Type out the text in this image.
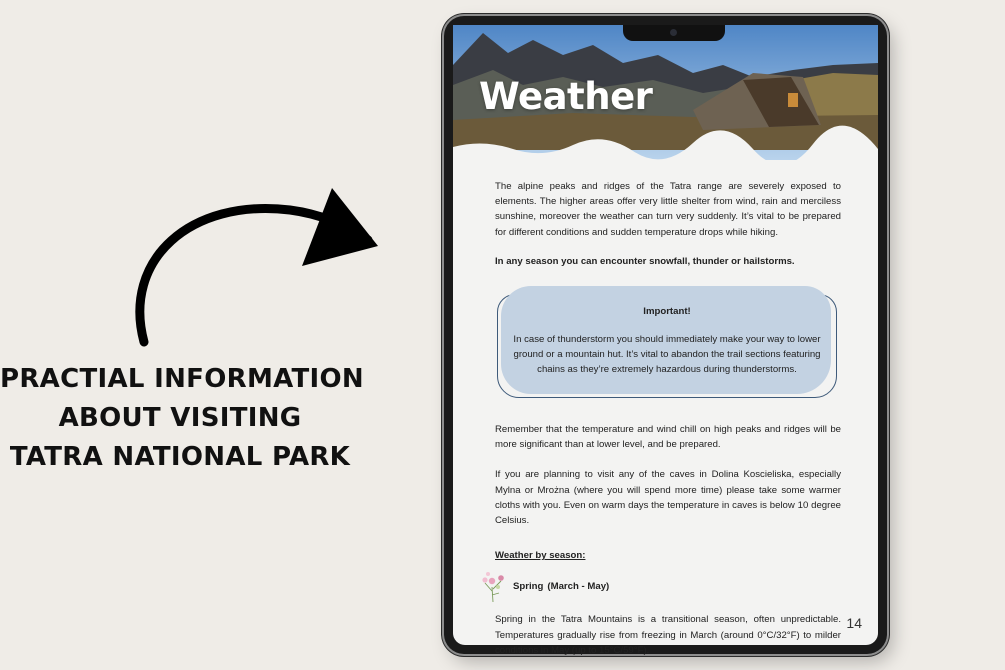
PRACTIAL INFORMATION
ABOUT VISITING
TATRA NATIONAL PARK
Weather

The alpine peaks and ridges of the Tatra range are severely exposed to elements. The higher areas offer very little shelter from wind, rain and merciless sunshine, moreover the weather can turn very suddenly. It’s vital to be prepared for different conditions and sudden temperature drops while hiking.

In any season you can encounter snowfall, thunder or hailstorms.

Important!
In case of thunderstorm you should immediately make your way to lower ground or a mountain hut. It’s vital to abandon the trail sections featuring chains as they’re extremely hazardous during thunderstorms.

Remember that the temperature and wind chill on high peaks and ridges will be more significant than at lower level, and be prepared.

If you are planning to visit any of the caves in Dolina Koscieliska, especially Mylna or Mrożna (where you will spend more time) please take some warmer cloths with you. Even on warm days the temperature in caves is below 10 degree Celsius.

Weather by season:

Spring (March - May)

Spring in the Tatra Mountains is a transitional season, often unpredictable. Temperatures gradually rise from freezing in March (around 0°C/32°F) to milder conditions in May (up to 15°C/59°F).

14
